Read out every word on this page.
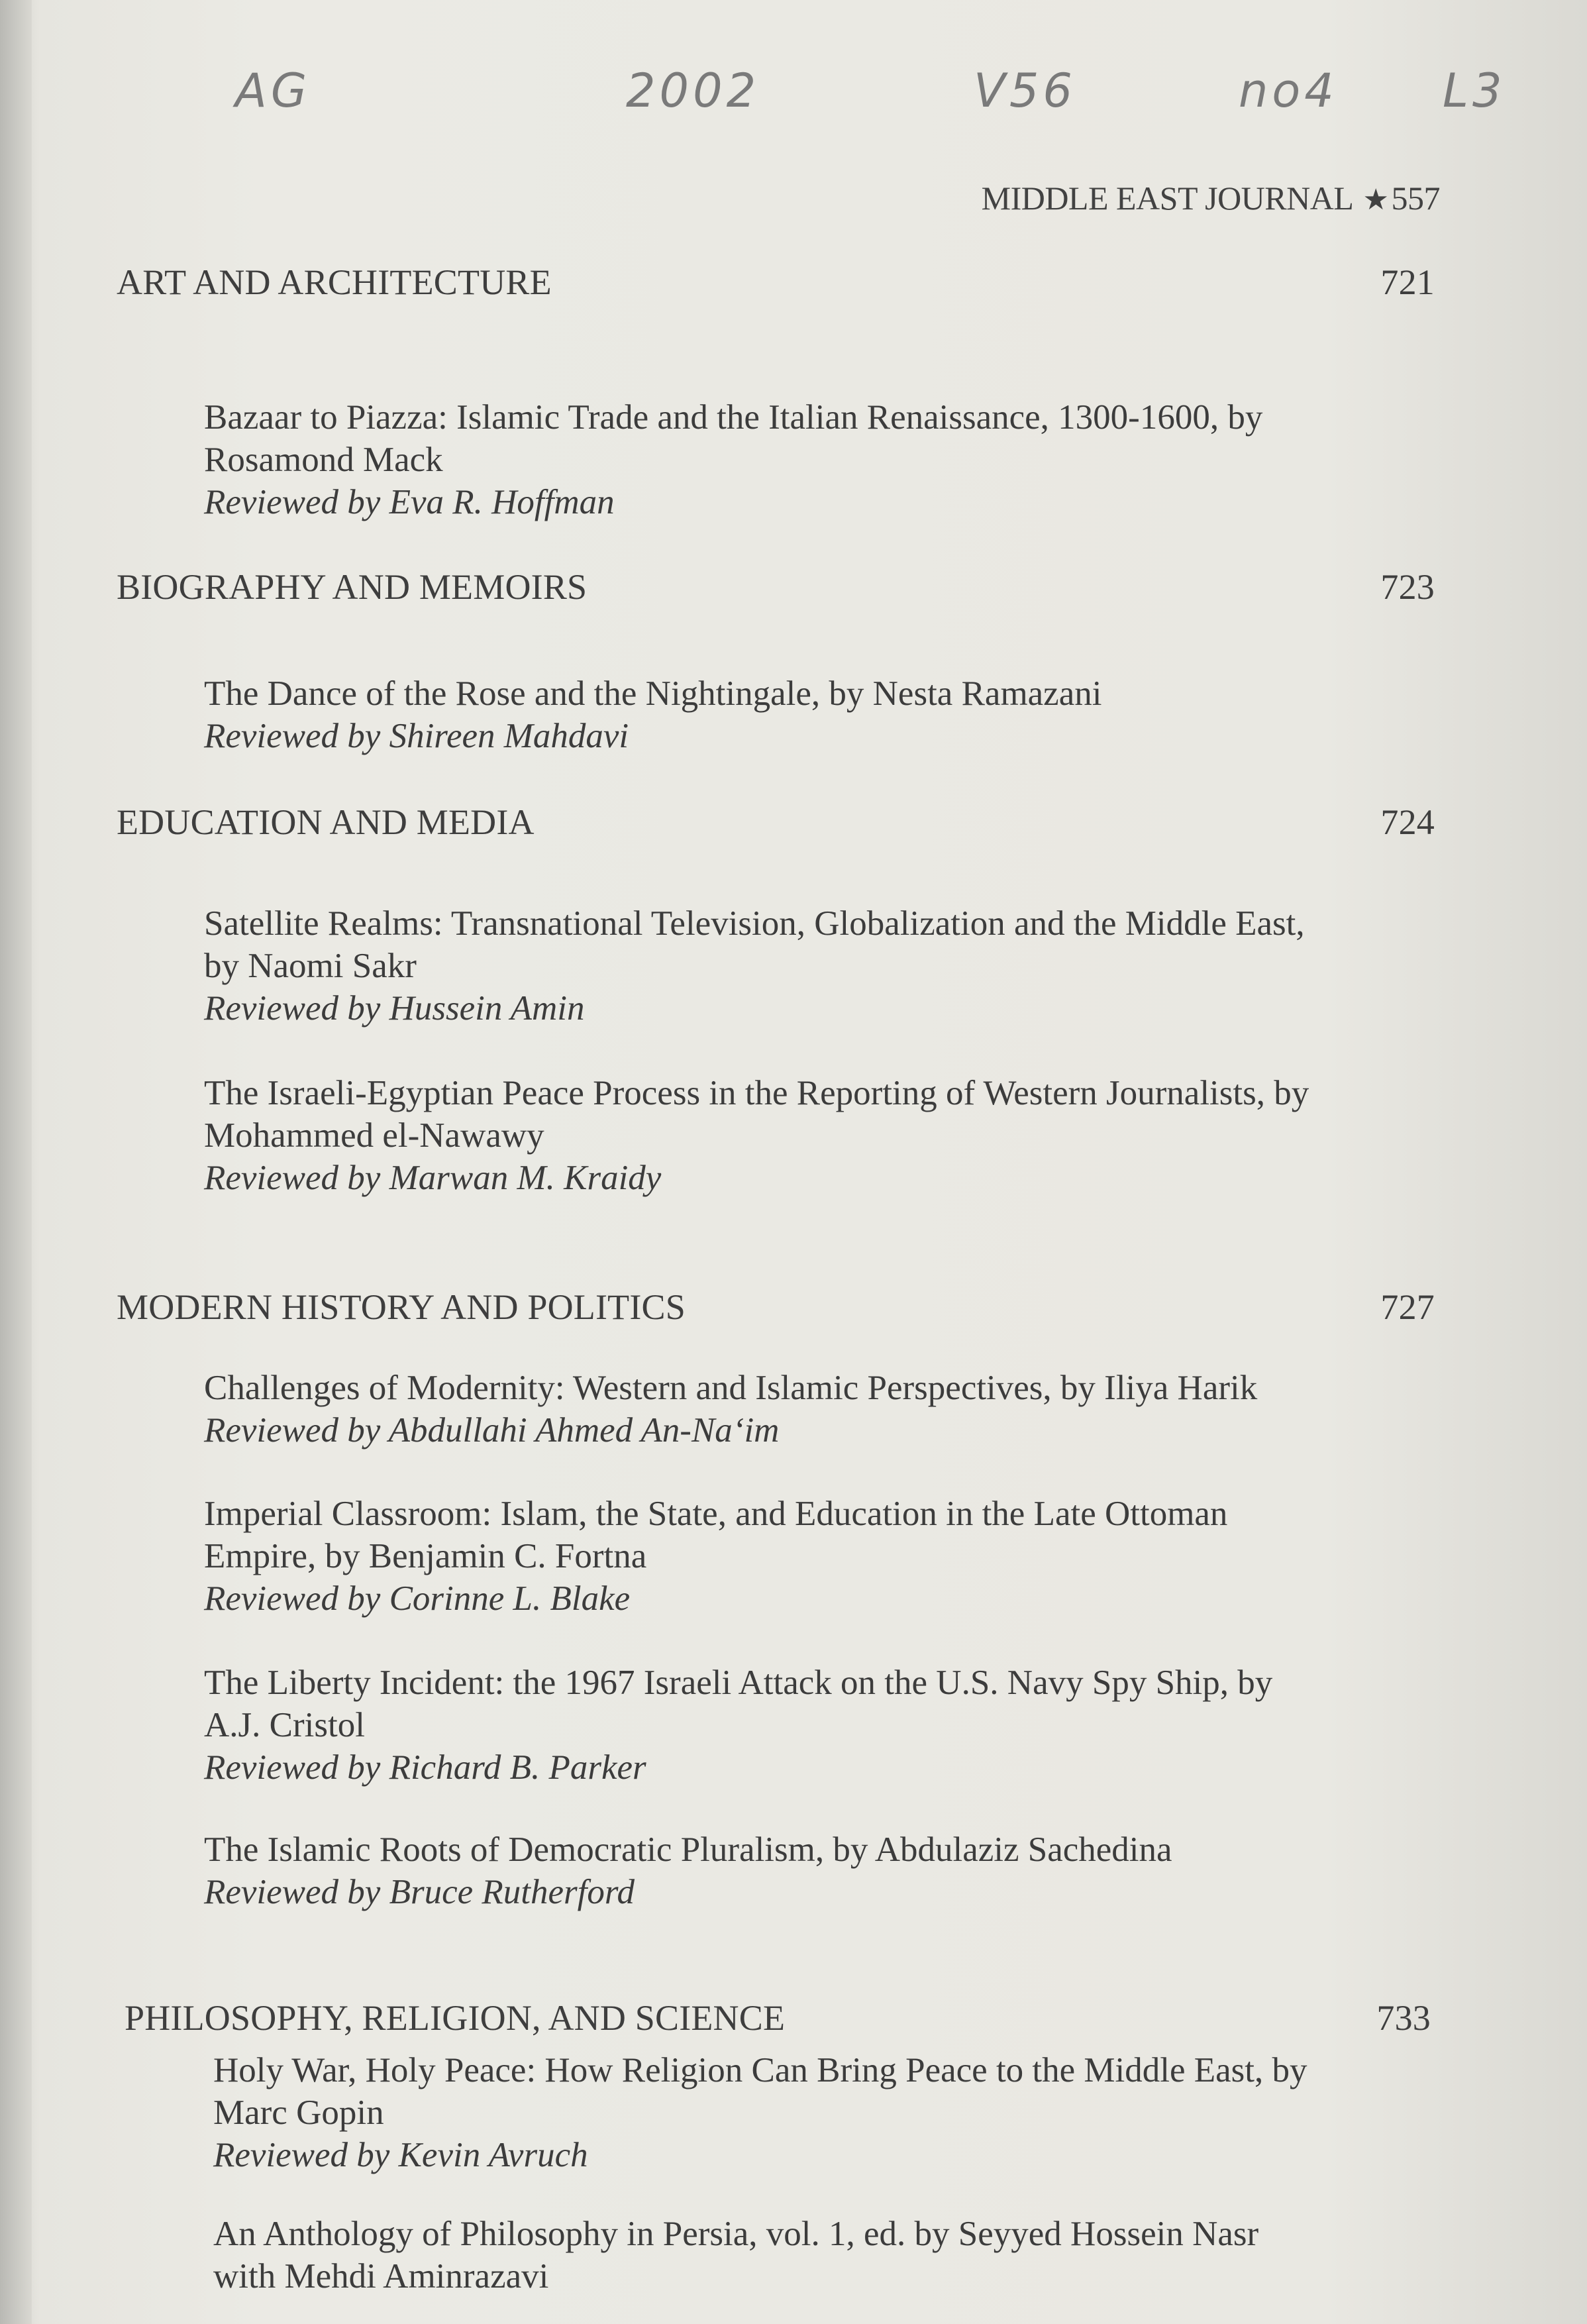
AG	2002	V56	no4 L3
MIDDLE EAST JOURNAL ★557
ART AND ARCHITECTURE	721
Bazaar to Piazza: Islamic Trade and the Italian Renaissance, 1300-1600, by
Rosamond Mack
Reviewed by Eva R. Hoffman
BIOGRAPHY AND MEMOIRS	723
The Dance of the Rose and the Nightingale, by Nesta Ramazani
Reviewed by Shireen Mahdavi
EDUCATION AND MEDIA	724
Satellite Realms: Transnational Television, Globalization and the Middle East,
by Naomi Sakr
Reviewed by Hussein Amin
The Israeli-Egyptian Peace Process in the Reporting of Western Journalists, by
Mohammed el-Nawawy
Reviewed by Marwan M. Kraidy
MODERN HISTORY AND POLITICS	727
Challenges of Modernity: Western and Islamic Perspectives, by Iliya Harik
Reviewed by Abdullahi Ahmed An-Na‘im
Imperial Classroom: Islam, the State, and Education in the Late Ottoman
Empire, by Benjamin C. Fortna
Reviewed by Corinne L. Blake
The Liberty Incident: the 1967 Israeli Attack on the U.S. Navy Spy Ship, by
A.J. Cristol
Reviewed by Richard B. Parker
The Islamic Roots of Democratic Pluralism, by Abdulaziz Sachedina
Reviewed by Bruce Rutherford
PHILOSOPHY, RELIGION, AND SCIENCE	733
Holy War, Holy Peace: How Religion Can Bring Peace to the Middle East, by
Marc Gopin
Reviewed by Kevin Avruch
An Anthology of Philosophy in Persia, vol. 1, ed. by Seyyed Hossein Nasr
with Mehdi Aminrazavi
